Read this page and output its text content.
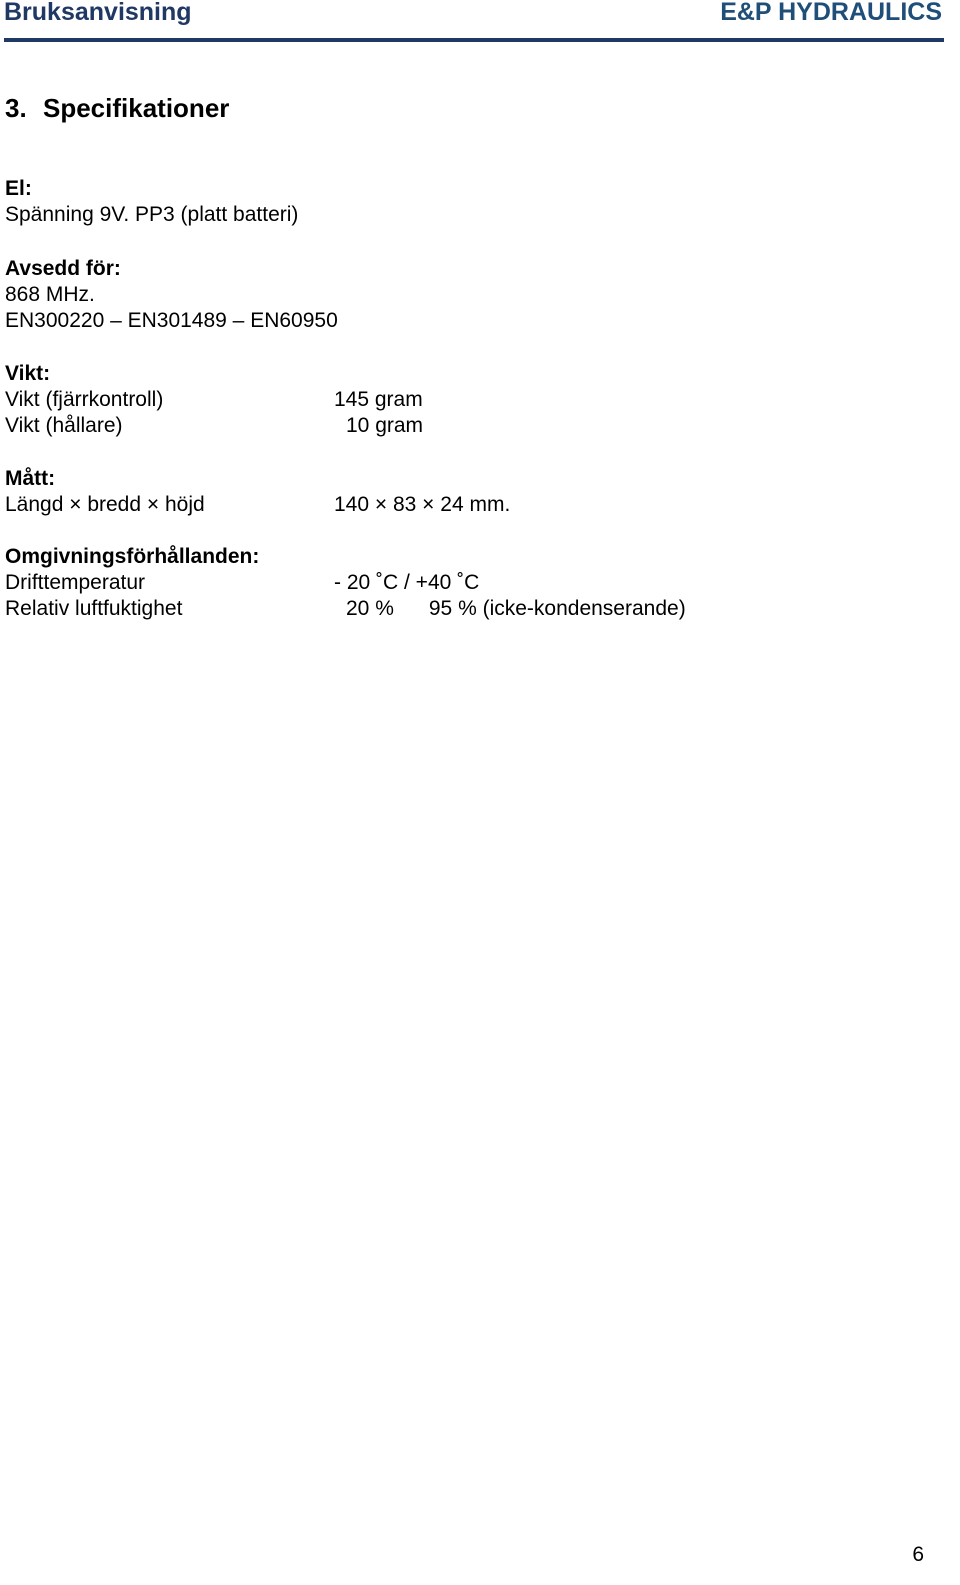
Bruksanvisning	E&P HYDRAULICS
3. Specifikationer
El:
Spänning 9V. PP3 (platt batteri)
Avsedd för:
868 MHz.
EN300220 – EN301489 – EN60950
Vikt:
Vikt (fjärrkontroll)	145 gram
Vikt (hållare)	10 gram
Mått:
Längd × bredd × höjd	140 × 83 × 24 mm.
Omgivningsförhållanden:
Drifttemperatur	- 20 ˚C / +40 ˚C
Relativ luftfuktighet	20 %      95 % (icke-kondenserande)
6
